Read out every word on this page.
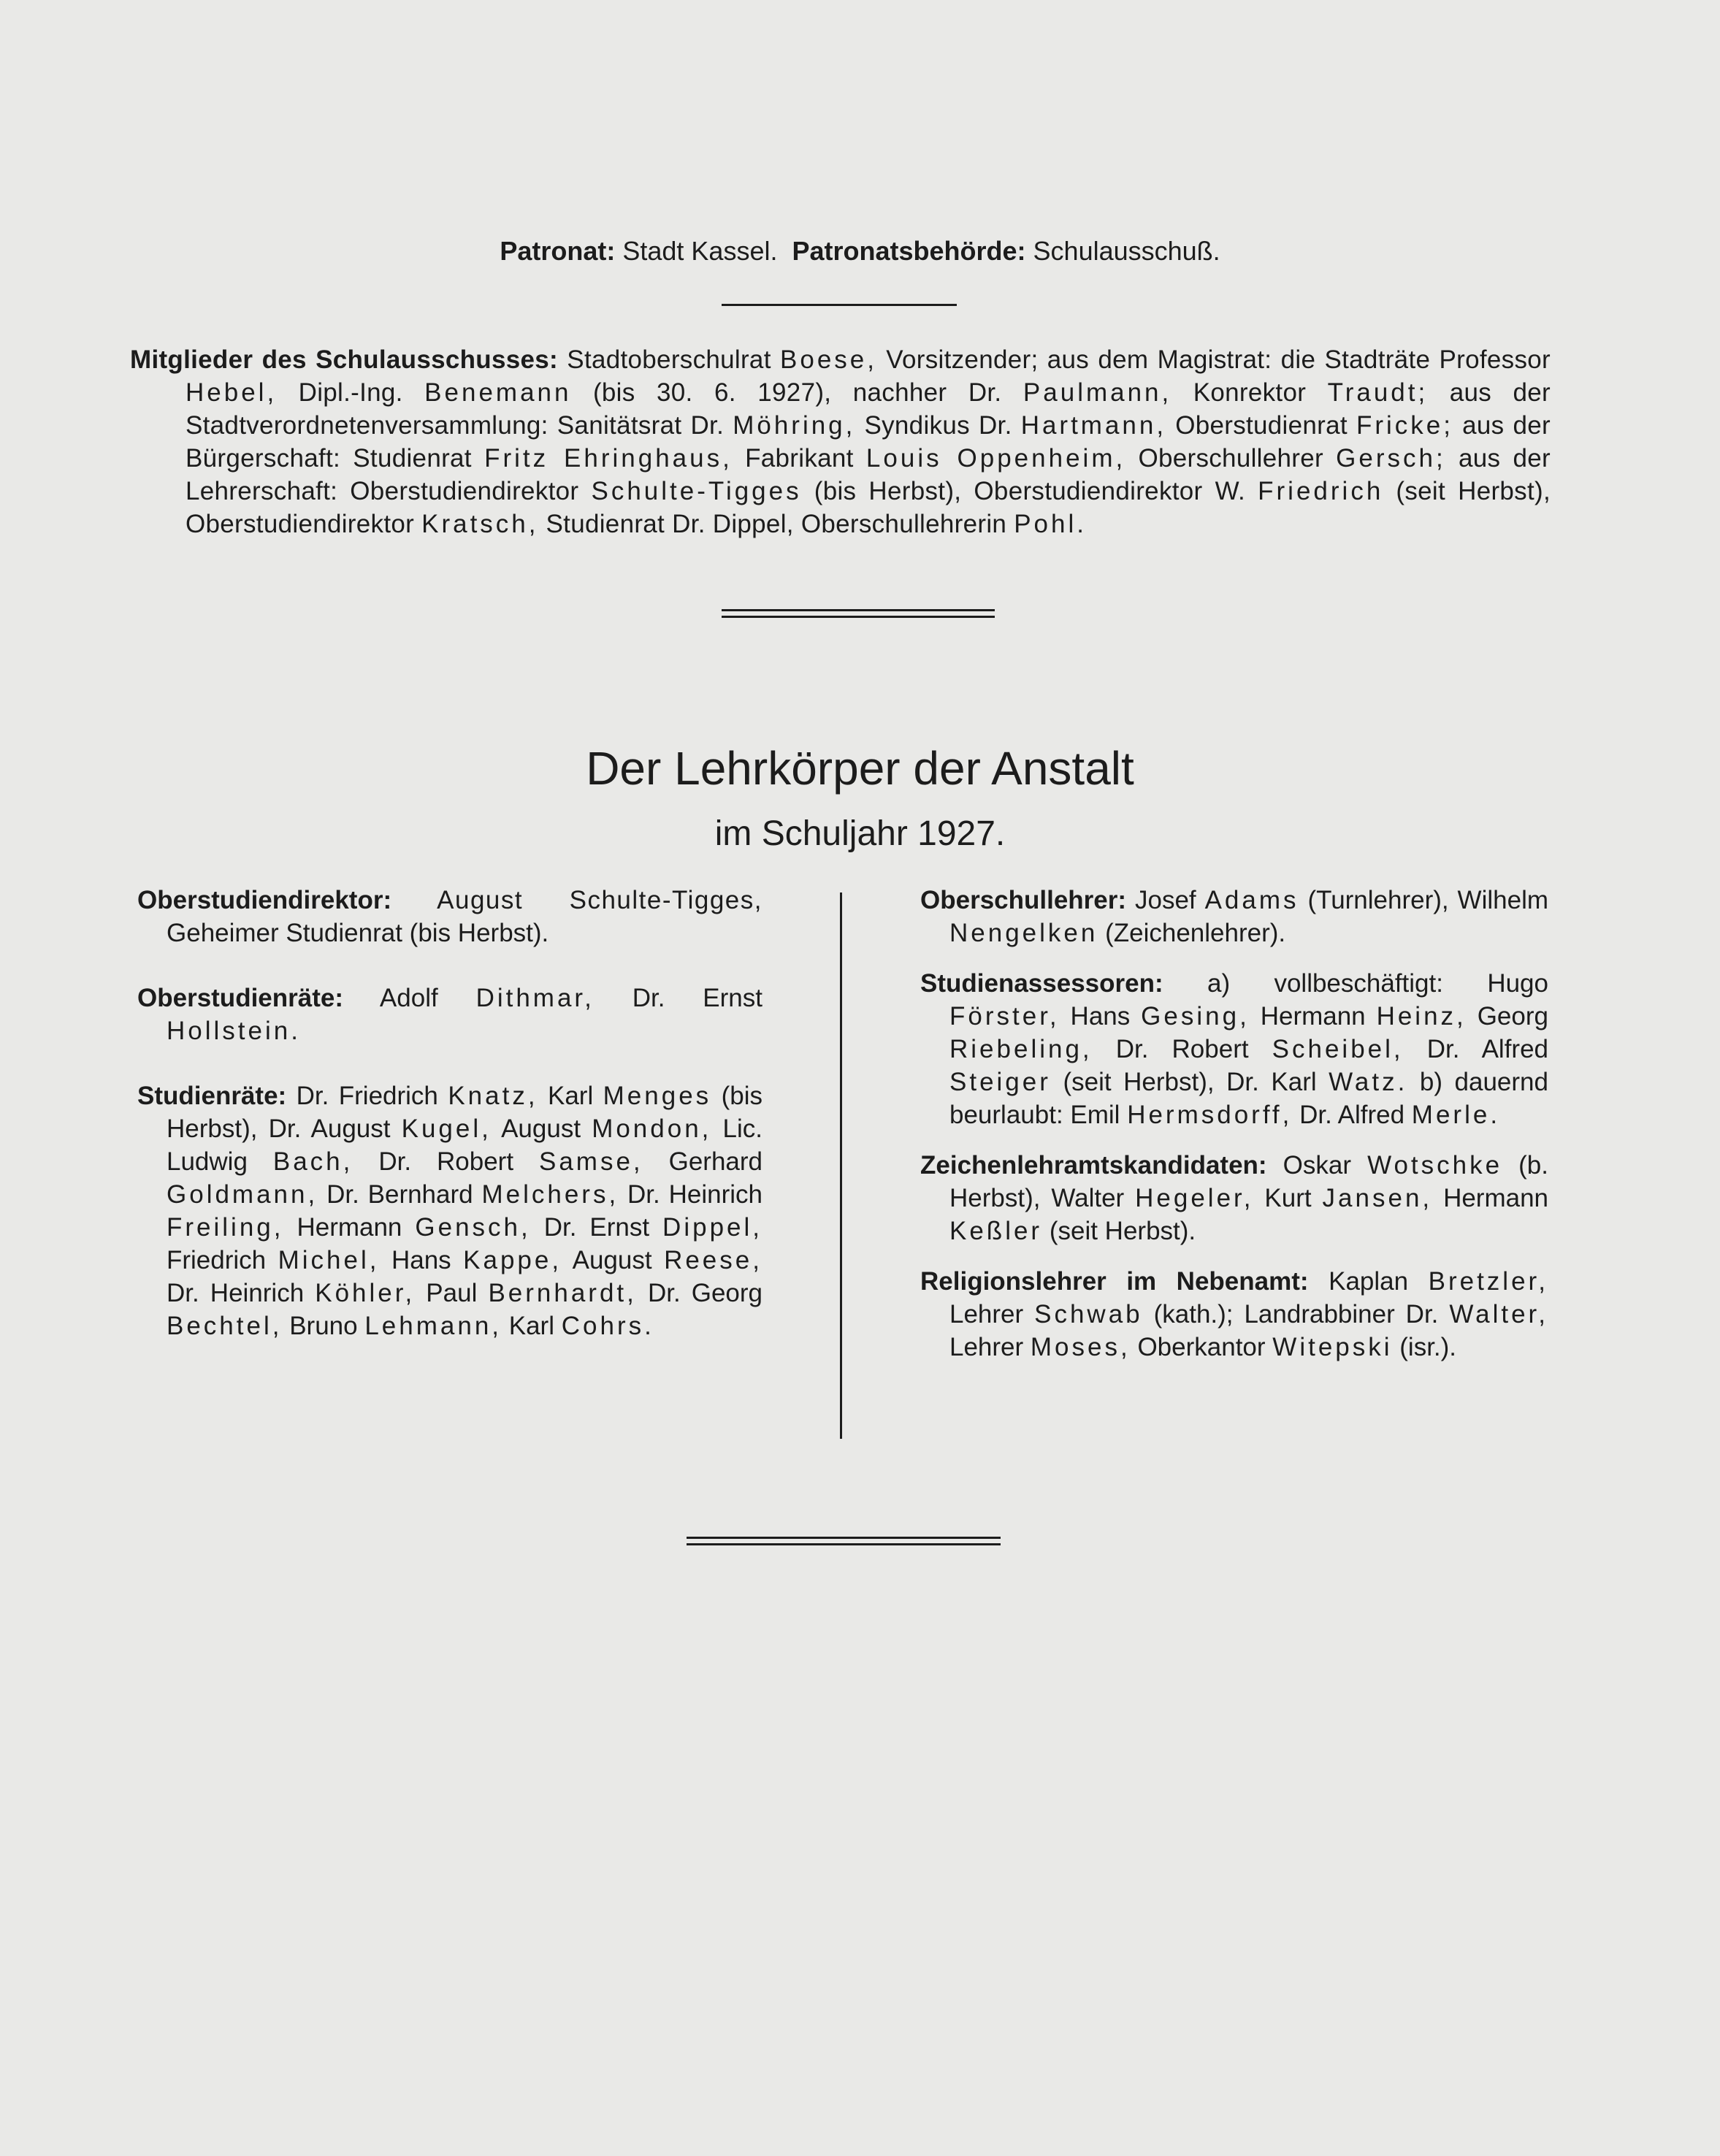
Patronat: Stadt Kassel. Patronatsbehörde: Schulausschuß.

Mitglieder des Schulausschusses: Stadtoberschulrat Boese, Vorsitzender; aus dem Magistrat: die Stadträte Professor Hebel, Dipl.-Ing. Benemann (bis 30. 6. 1927), nachher Dr. Paulmann, Konrektor Traudt; aus der Stadtverordnetenversammlung: Sanitätsrat Dr. Möhring, Syndikus Dr. Hartmann, Oberstudienrat Fricke; aus der Bürgerschaft: Studienrat Fritz Ehringhaus, Fabrikant Louis Oppenheim, Oberschullehrer Gersch; aus der Lehrerschaft: Oberstudiendirektor Schulte-Tigges (bis Herbst), Oberstudiendirektor W. Friedrich (seit Herbst), Oberstudiendirektor Kratsch, Studienrat Dr. Dippel, Oberschullehrerin Pohl.

Der Lehrkörper der Anstalt

im Schuljahr 1927.

Oberstudiendirektor: August Schulte-Tigges, Geheimer Studienrat (bis Herbst).

Oberstudienräte: Adolf Dithmar, Dr. Ernst Hollstein.

Studienräte: Dr. Friedrich Knatz, Karl Menges (bis Herbst), Dr. August Kugel, August Mondon, Lic. Ludwig Bach, Dr. Robert Samse, Gerhard Goldmann, Dr. Bernhard Melchers, Dr. Heinrich Freiling, Hermann Gensch, Dr. Ernst Dippel, Friedrich Michel, Hans Kappe, August Reese, Dr. Heinrich Köhler, Paul Bernhardt, Dr. Georg Bechtel, Bruno Lehmann, Karl Cohrs.

Oberschullehrer: Josef Adams (Turnlehrer), Wilhelm Nengelken (Zeichenlehrer).

Studienassessoren: a) vollbeschäftigt: Hugo Förster, Hans Gesing, Hermann Heinz, Georg Riebeling, Dr. Robert Scheibel, Dr. Alfred Steiger (seit Herbst), Dr. Karl Watz. b) dauernd beurlaubt: Emil Hermsdorff, Dr. Alfred Merle.

Zeichenlehramtskandidaten: Oskar Wotschke (b. Herbst), Walter Hegeler, Kurt Jansen, Hermann Keßler (seit Herbst).

Religionslehrer im Nebenamt: Kaplan Bretzler, Lehrer Schwab (kath.); Landrabbiner Dr. Walter, Lehrer Moses, Oberkantor Witepski (isr.).
